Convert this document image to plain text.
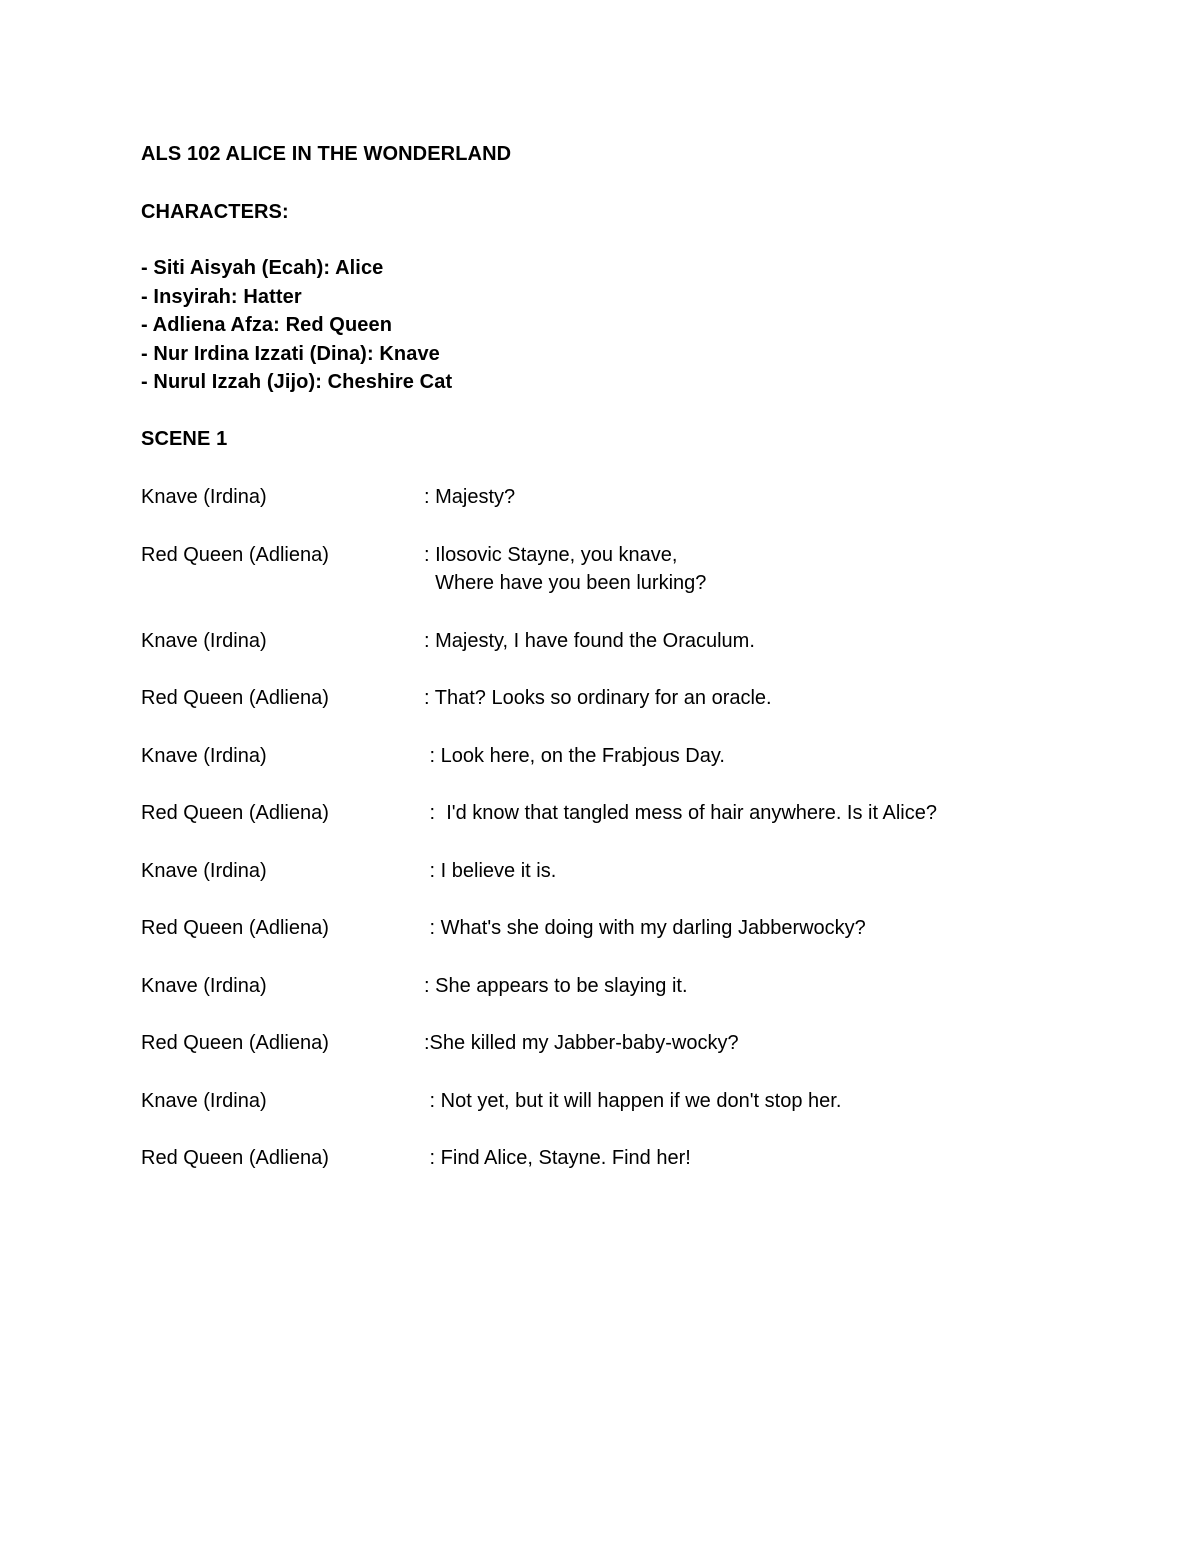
ALS 102 ALICE IN THE WONDERLAND
CHARACTERS:
- Siti Aisyah (Ecah): Alice
- Insyirah: Hatter
- Adliena Afza: Red Queen
- Nur Irdina Izzati (Dina): Knave
- Nurul Izzah (Jijo): Cheshire Cat
SCENE 1
Knave (Irdina)	: Majesty?
Red Queen (Adliena)	: Ilosovic Stayne, you knave,
Where have you been lurking?
Knave (Irdina)	: Majesty, I have found the Oraculum.
Red Queen (Adliena)	: That? Looks so ordinary for an oracle.
Knave (Irdina)	: Look here, on the Frabjous Day.
Red Queen (Adliena)	:  I'd know that tangled mess of hair anywhere. Is it Alice?
Knave (Irdina)	: I believe it is.
Red Queen (Adliena)	: What's she doing with my darling Jabberwocky?
Knave (Irdina)	: She appears to be slaying it.
Red Queen (Adliena)	:She killed my Jabber-baby-wocky?
Knave (Irdina)	: Not yet, but it will happen if we don't stop her.
Red Queen (Adliena)	: Find Alice, Stayne. Find her!
